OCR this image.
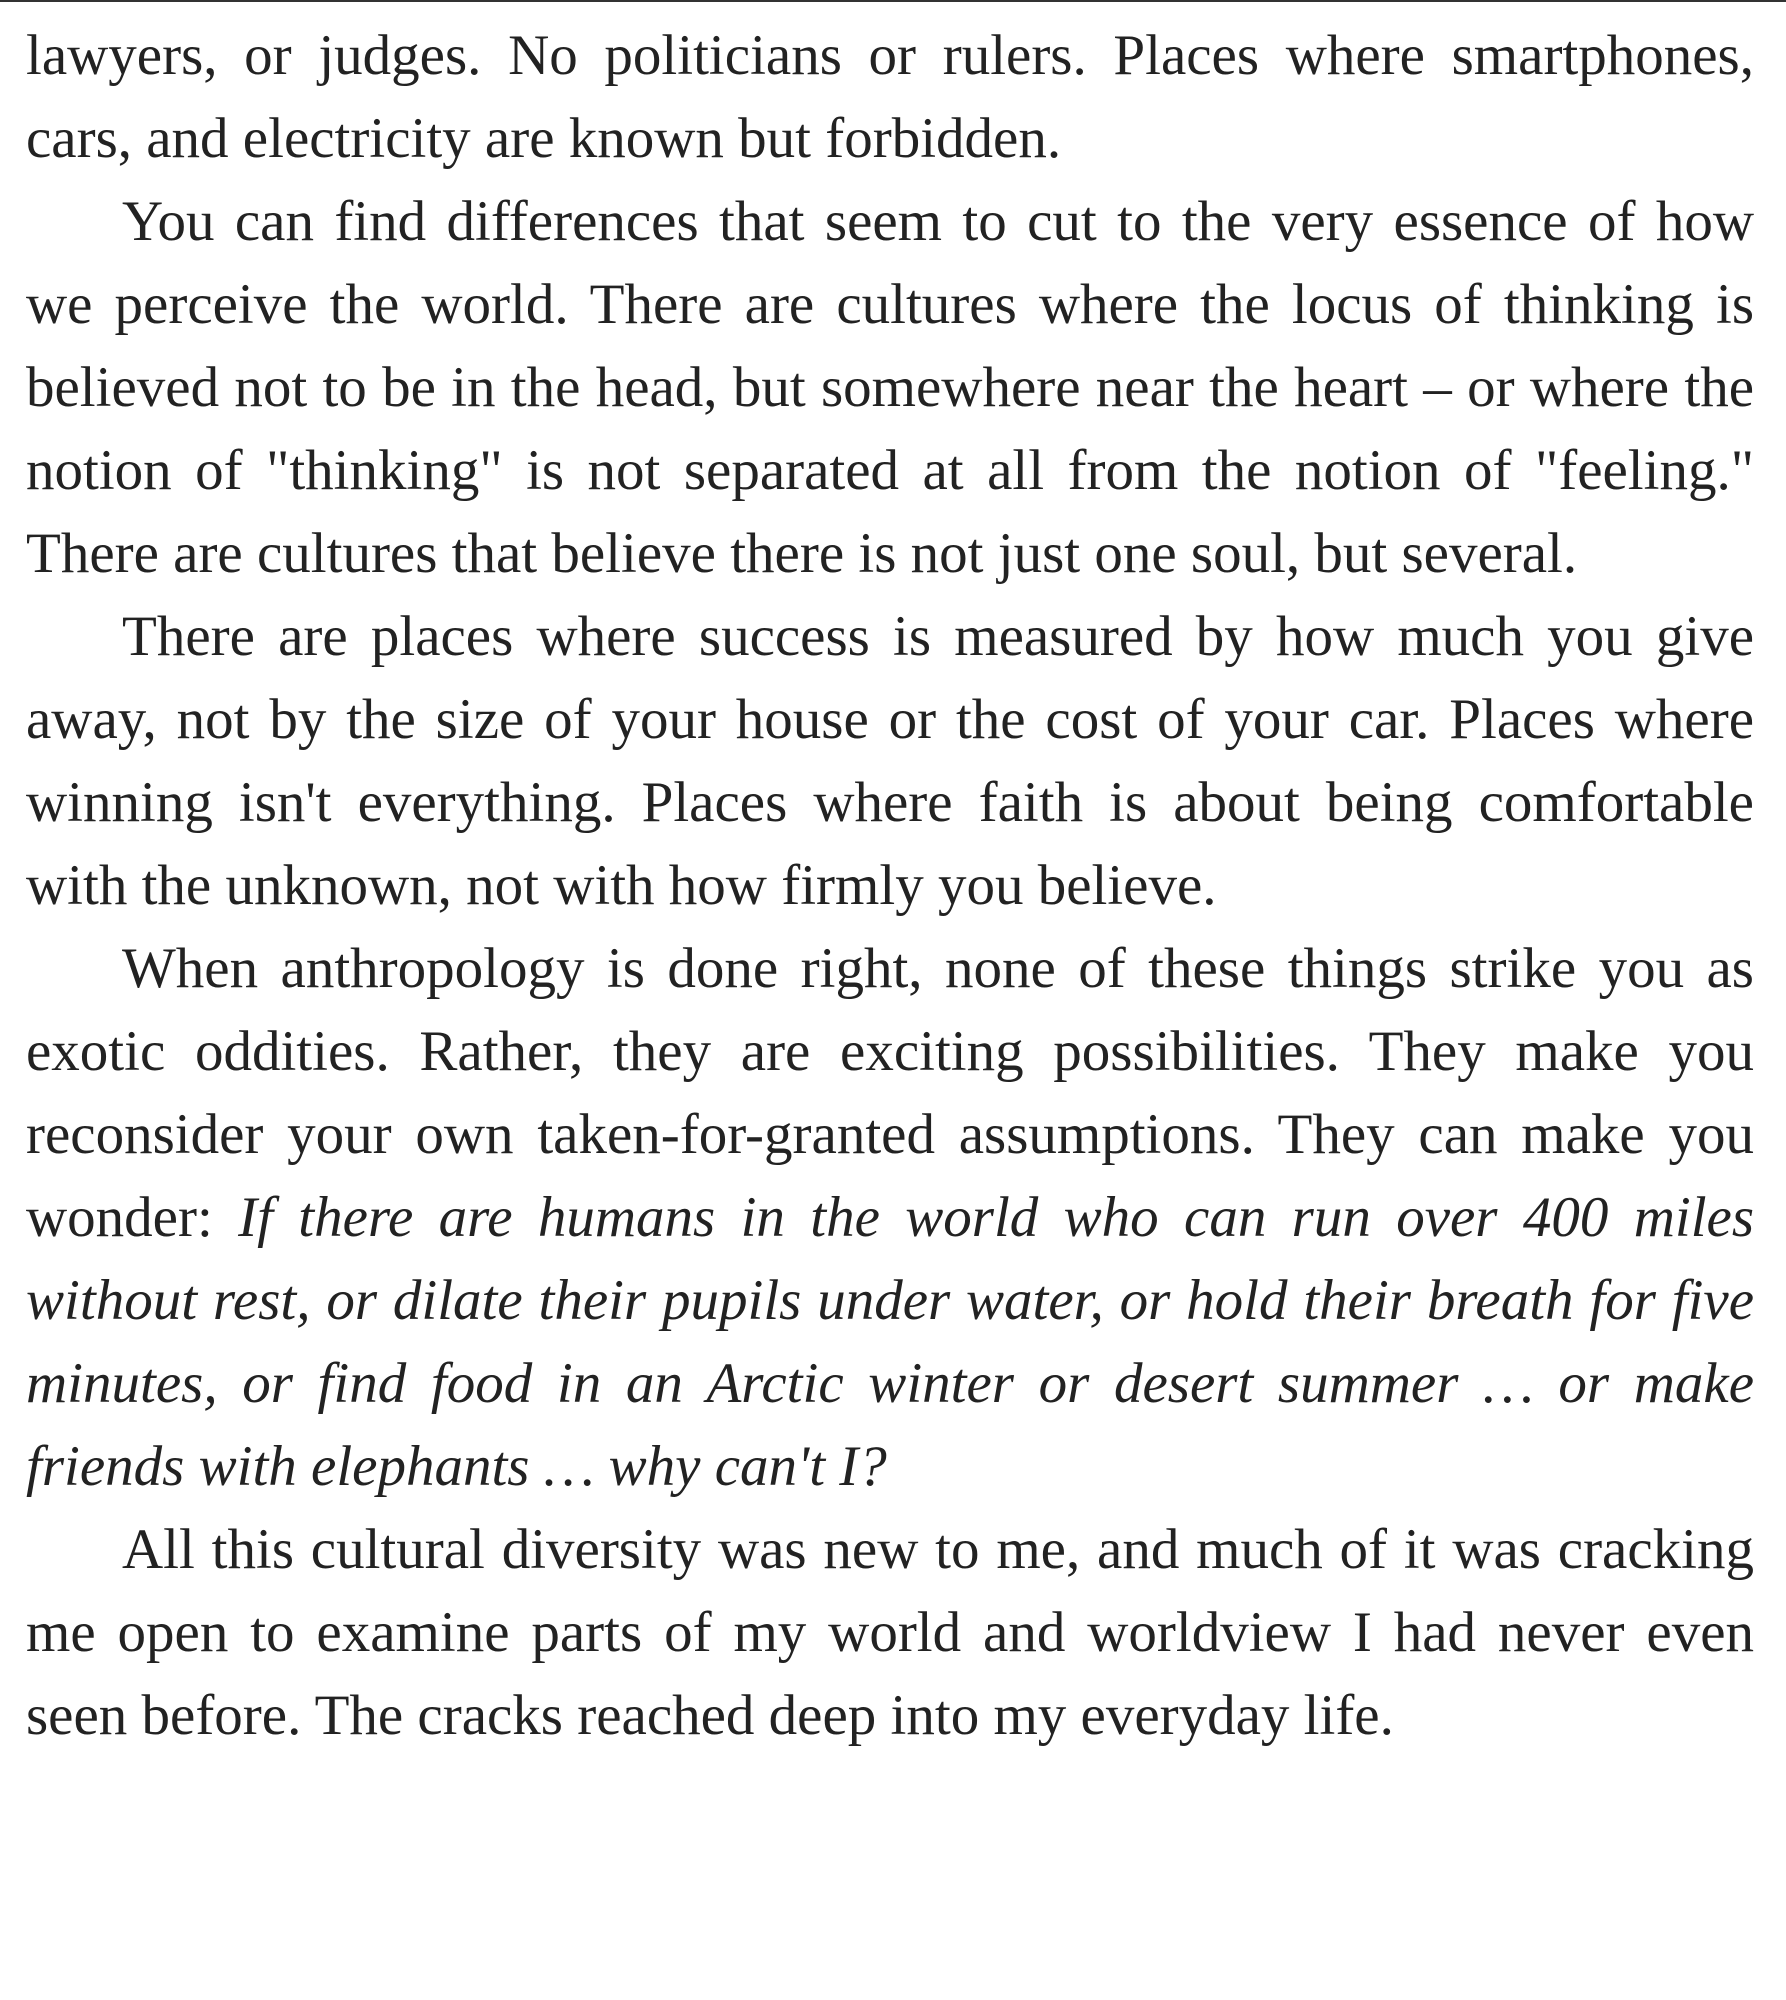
lawyers, or judges. No politicians or rulers. Places where smartphones, cars, and electricity are known but forbidden.

You can find differences that seem to cut to the very essence of how we perceive the world. There are cultures where the locus of thinking is believed not to be in the head, but somewhere near the heart – or where the notion of "thinking" is not separated at all from the notion of "feeling." There are cultures that believe there is not just one soul, but several.

There are places where success is measured by how much you give away, not by the size of your house or the cost of your car. Places where winning isn't everything. Places where faith is about being comfortable with the unknown, not with how firmly you believe.

When anthropology is done right, none of these things strike you as exotic oddities. Rather, they are exciting possibilities. They make you reconsider your own taken-for-granted assumptions. They can make you wonder: If there are humans in the world who can run over 400 miles without rest, or dilate their pupils under water, or hold their breath for five minutes, or find food in an Arctic winter or desert summer … or make friends with elephants … why can't I?

All this cultural diversity was new to me, and much of it was cracking me open to examine parts of my world and worldview I had never even seen before. The cracks reached deep into my everyday life.
